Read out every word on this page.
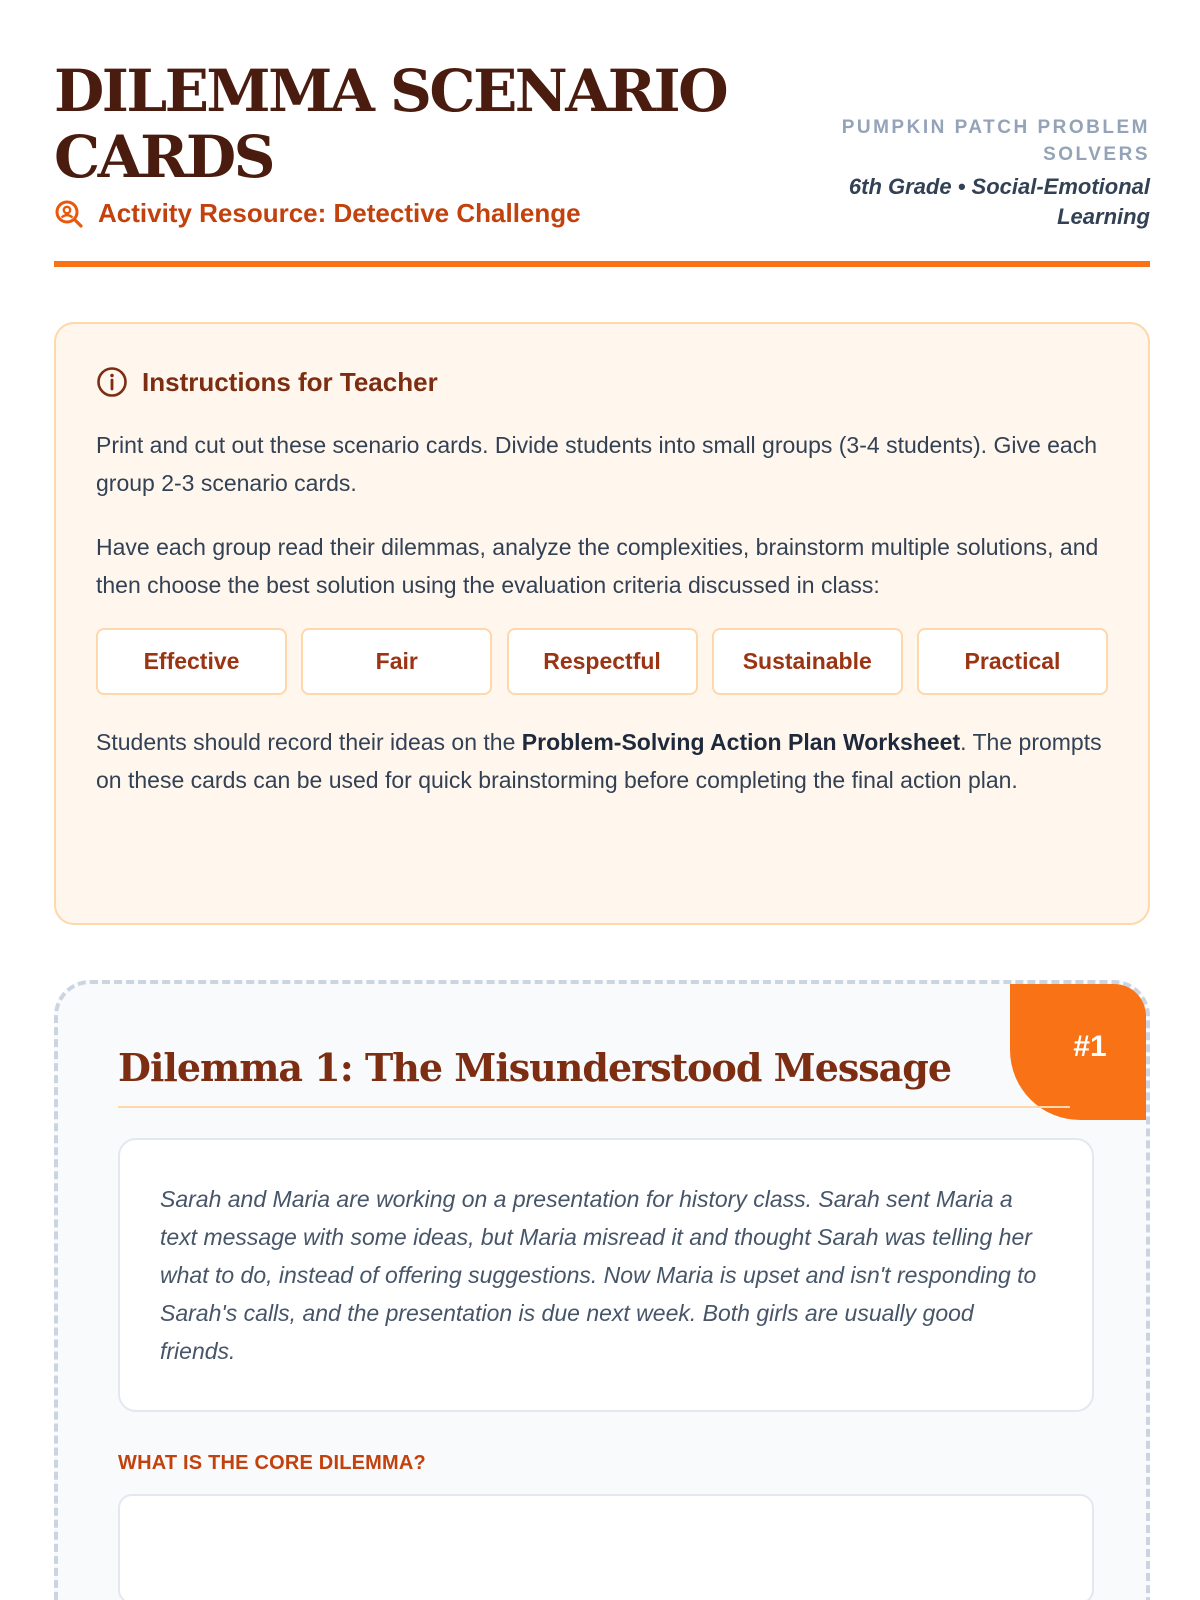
DILEMMA SCENARIO CARDS
Activity Resource: Detective Challenge
PUMPKIN PATCH PROBLEM SOLVERS
6th Grade • Social-Emotional Learning
Instructions for Teacher

Print and cut out these scenario cards. Divide students into small groups (3-4 students). Give each group 2-3 scenario cards.

Have each group read their dilemmas, analyze the complexities, brainstorm multiple solutions, and then choose the best solution using the evaluation criteria discussed in class:

Effective	Fair	Respectful	Sustainable	Practical

Students should record their ideas on the Problem-Solving Action Plan Worksheet. The prompts on these cards can be used for quick brainstorming before completing the final action plan.

Dilemma 1: The Misunderstood Message
Sarah and Maria are working on a presentation for history class. Sarah sent Maria a text message with some ideas, but Maria misread it and thought Sarah was telling her what to do, instead of offering suggestions. Now Maria is upset and isn't responding to Sarah's calls, and the presentation is due next week. Both girls are usually good friends.
WHAT IS THE CORE DILEMMA?
#1
